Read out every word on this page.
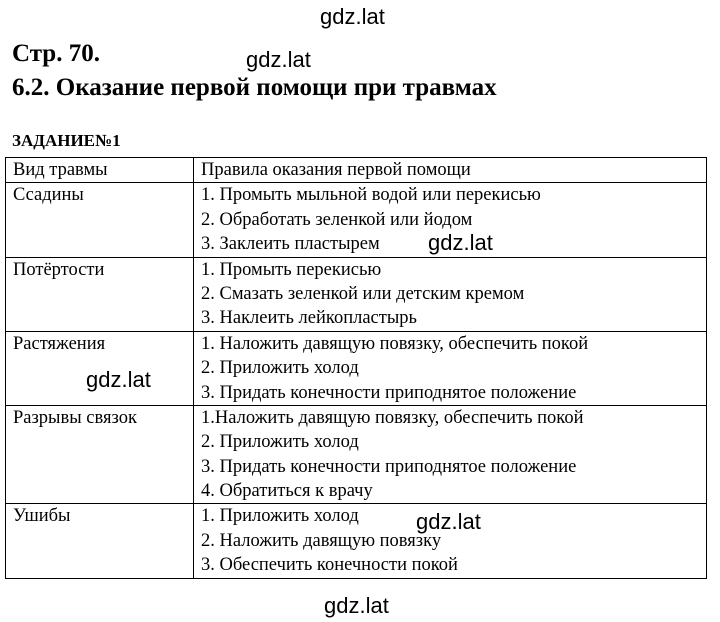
Стр. 70.
6.2. Оказание первой помощи при травмах
ЗАДАНИЕ№1
Вид травмы	Правила оказания первой помощи

Ссадины	1. Промыть мыльной водой или перекисью
2. Обработать зеленкой или йодом
3. Заклеить пластырем

Потёртости	1. Промыть перекисью
2. Смазать зеленкой или детским кремом
3. Наклеить лейкопластырь

Растяжения	1. Наложить давящую повязку, обеспечить покой
2. Приложить холод
3. Придать конечности приподнятое положение

Разрывы связок	1.Наложить давящую повязку, обеспечить покой
2. Приложить холод
3. Придать конечности приподнятое положение
4. Обратиться к врачу

Ушибы	1. Приложить холод
2. Наложить давящую повязку
3. Обеспечить конечности покой
gdz.lat
gdz.lat
gdz.lat
gdz.lat
gdz.lat
gdz.lat
